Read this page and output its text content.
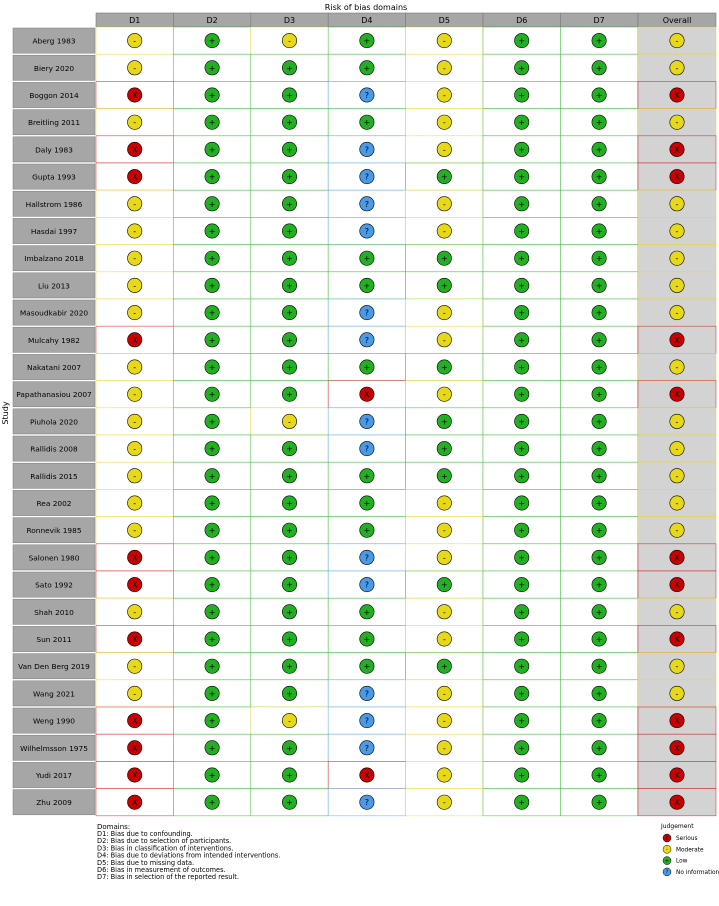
Risk of bias domains
Study
D1	D2	D3	D4	D5	D6	D7	Overall
Aberg 1983	-	+	-	+	-	+	+	-
Biery 2020	-	+	+	+	-	+	+	-
Boggon 2014	X	+	+	?	-	+	+	X
Breitling 2011	-	+	+	+	-	+	+	-
Daly 1983	X	+	+	?	-	+	+	X
Gupta 1993	X	+	+	?	+	+	+	X
Hallstrom 1986	-	+	+	?	-	+	+	-
Hasdai 1997	-	+	+	?	-	+	+	-
Imbalzano 2018	-	+	+	+	+	+	+	-
Liu 2013	-	+	+	+	+	+	+	-
Masoudkabir 2020	-	+	+	?	-	+	+	-
Mulcahy 1982	X	+	+	?	-	+	+	X
Nakatani 2007	-	+	+	+	+	+	+	-
Papathanasiou 2007	-	+	+	X	-	+	+	X
Piuhola 2020	-	+	-	?	+	+	+	-
Rallidis 2008	-	+	+	?	+	+	+	-
Rallidis 2015	-	+	+	+	+	+	+	-
Rea 2002	-	+	+	+	-	+	+	-
Ronnevik 1985	-	+	+	+	-	+	+	-
Salonen 1980	X	+	+	?	-	+	+	X
Sato 1992	X	+	+	?	+	+	+	X
Shah 2010	-	+	+	+	-	+	+	-
Sun 2011	X	+	+	+	-	+	+	X
Van Den Berg 2019	-	+	+	+	+	+	+	-
Wang 2021	-	+	+	?	-	+	+	-
Weng 1990	X	+	-	?	-	+	+	X
Wilhelmsson 1975	X	+	+	?	-	+	+	X
Yudi 2017	X	+	+	X	-	+	+	X
Zhu 2009	X	+	+	?	-	+	+	X
Domains:
D1: Bias due to confounding.
D2: Bias due to selection of participants.
D3: Bias in classification of interventions.
D4: Bias due to deviations from intended interventions.
D5: Bias due to missing data.
D6: Bias in measurement of outcomes.
D7: Bias in selection of the reported result.
Judgement
X Serious
- Moderate
+ Low
? No information
